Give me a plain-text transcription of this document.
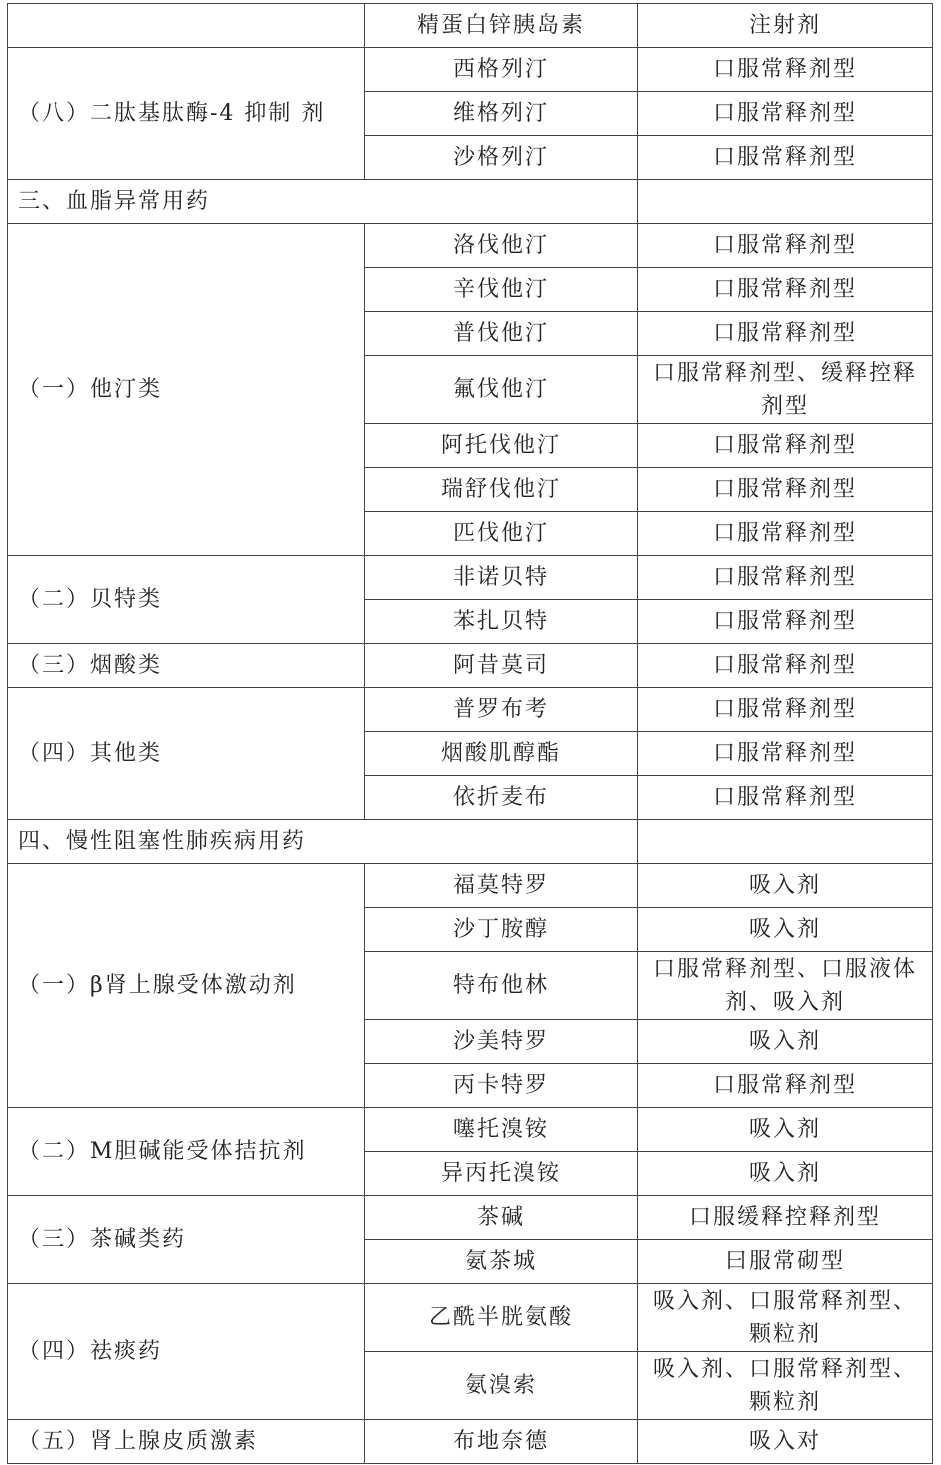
	精蛋白锌胰岛素	注射剂
（八）二肽基肽酶-4 抑制 剂	西格列汀	口服常释剂型
	维格列汀	口服常释剂型
	沙格列汀	口服常释剂型
三、血脂异常用药		
（一）他汀类	洛伐他汀	口服常释剂型
	辛伐他汀	口服常释剂型
	普伐他汀	口服常释剂型
	氟伐他汀	口服常释剂型、缓释控释剂型
	阿托伐他汀	口服常释剂型
	瑞舒伐他汀	口服常释剂型
	匹伐他汀	口服常释剂型
（二）贝特类	非诺贝特	口服常释剂型
	苯扎贝特	口服常释剂型
（三）烟酸类	阿昔莫司	口服常释剂型
（四）其他类	普罗布考	口服常释剂型
	烟酸肌醇酯	口服常释剂型
	依折麦布	口服常释剂型
四、慢性阻塞性肺疾病用药		
（一）β肾上腺受体激动剂	福莫特罗	吸入剂
	沙丁胺醇	吸入剂
	特布他林	口服常释剂型、口服液体剂、吸入剂
	沙美特罗	吸入剂
	丙卡特罗	口服常释剂型
（二）M胆碱能受体拮抗剂	噻托溴铵	吸入剂
	异丙托溴铵	吸入剂
（三）茶碱类药	茶碱	口服缓释控释剂型
	氨茶城	曰服常砌型
（四）祛痰药	乙酰半胱氨酸	吸入剂、口服常释剂型、颗粒剂
	氨溴索	吸入剂、口服常释剂型、颗粒剂
（五）肾上腺皮质激素	布地奈德	吸入对
